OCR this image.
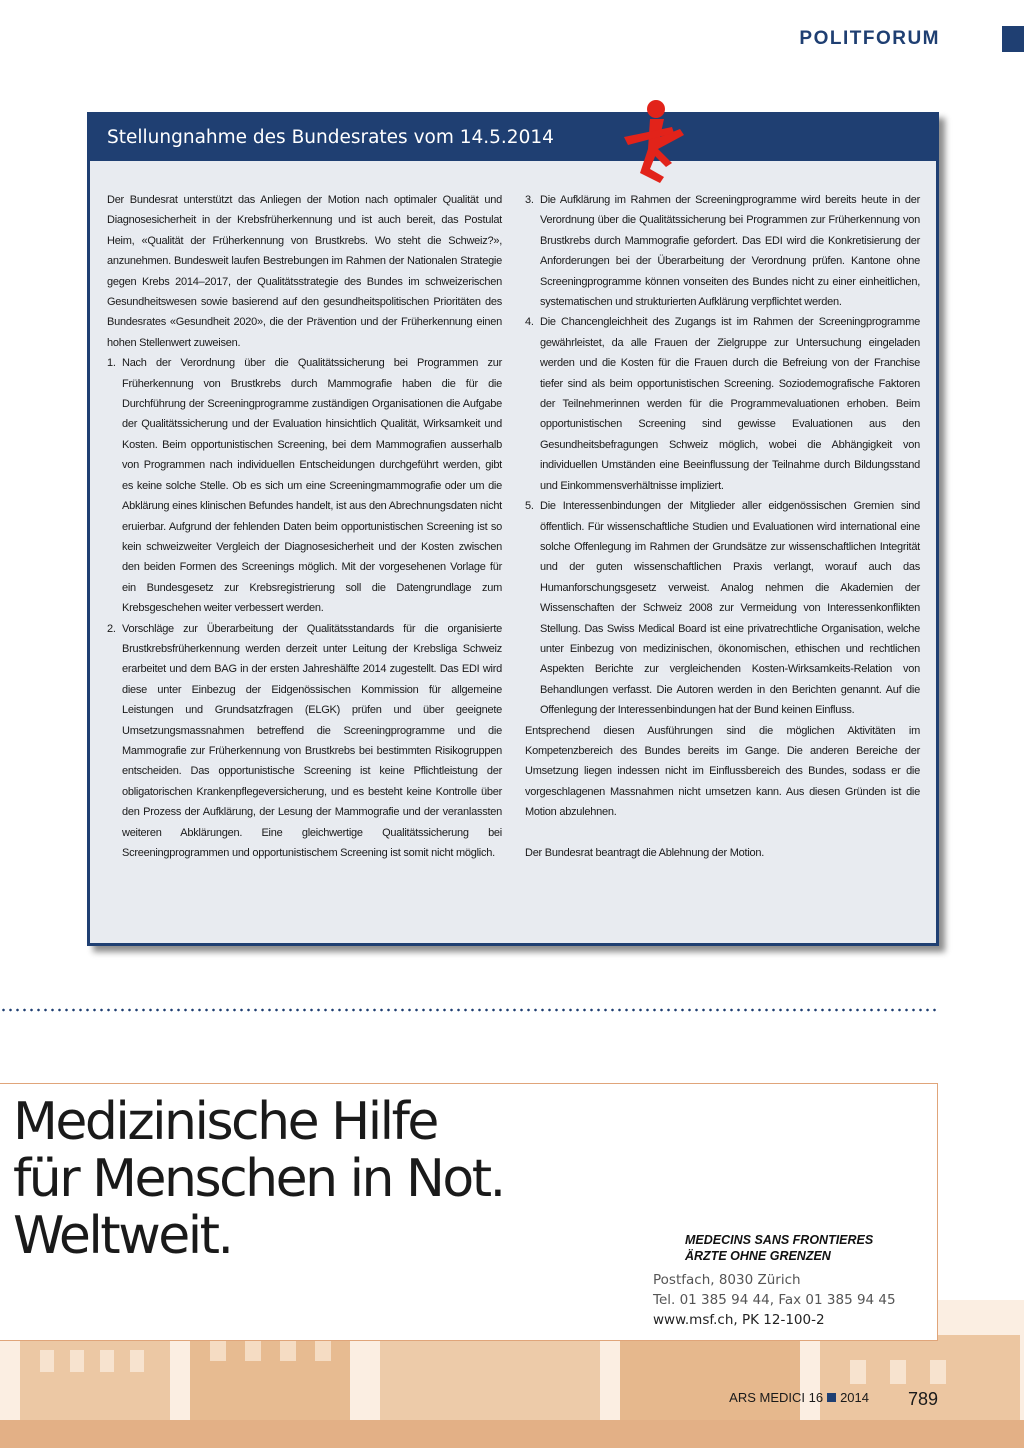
POLITFORUM
Stellungnahme des Bundesrates vom 14.5.2014

Der Bundesrat unterstützt das Anliegen der Motion nach optimaler Qualität und Diagnosesicherheit in der Krebsfrüherkennung und ist auch bereit, das Postulat Heim, «Qualität der Früherkennung von Brustkrebs. Wo steht die Schweiz?», anzunehmen. Bundesweit laufen Bestrebungen im Rahmen der Nationalen Strategie gegen Krebs 2014–2017, der Qualitätsstrategie des Bundes im schweizerischen Gesundheitswesen sowie basierend auf den gesundheitspolitischen Prioritäten des Bundesrates «Gesundheit 2020», die der Prävention und der Früherkennung einen hohen Stellenwert zuweisen.

1. Nach der Verordnung über die Qualitätssicherung bei Programmen zur Früherkennung von Brustkrebs durch Mammografie haben die für die Durchführung der Screeningprogramme zuständigen Organisationen die Aufgabe der Qualitätssicherung und der Evaluation hinsichtlich Qualität, Wirksamkeit und Kosten. Beim opportunistischen Screening, bei dem Mammografien ausserhalb von Programmen nach individuellen Entscheidungen durchgeführt werden, gibt es keine solche Stelle. Ob es sich um eine Screeningmammografie oder um die Abklärung eines klinischen Befundes handelt, ist aus den Abrechnungsdaten nicht eruierbar. Aufgrund der fehlenden Daten beim opportunistischen Screening ist so kein schweizweiter Vergleich der Diagnosesicherheit und der Kosten zwischen den beiden Formen des Screenings möglich. Mit der vorgesehenen Vorlage für ein Bundesgesetz zur Krebsregistrierung soll die Datengrundlage zum Krebsgeschehen weiter verbessert werden.
2. Vorschläge zur Überarbeitung der Qualitätsstandards für die organisierte Brustkrebsfrüherkennung werden derzeit unter Leitung der Krebsliga Schweiz erarbeitet und dem BAG in der ersten Jahreshälfte 2014 zugestellt. Das EDI wird diese unter Einbezug der Eidgenössischen Kommission für allgemeine Leistungen und Grundsatzfragen (ELGK) prüfen und über geeignete Umsetzungsmassnahmen betreffend die Screeningprogramme und die Mammografie zur Früherkennung von Brustkrebs bei bestimmten Risikogruppen entscheiden. Das opportunistische Screening ist keine Pflichtleistung der obligatorischen Krankenpflegeversicherung, und es besteht keine Kontrolle über den Prozess der Aufklärung, der Lesung der Mammografie und der veranlassten weiteren Abklärungen. Eine gleichwertige Qualitätssicherung bei Screeningprogrammen und opportunistischem Screening ist somit nicht möglich.
3. Die Aufklärung im Rahmen der Screeningprogramme wird bereits heute in der Verordnung über die Qualitätssicherung bei Programmen zur Früherkennung von Brustkrebs durch Mammografie gefordert. Das EDI wird die Konkretisierung der Anforderungen bei der Überarbeitung der Verordnung prüfen. Kantone ohne Screeningprogramme können vonseiten des Bundes nicht zu einer einheitlichen, systematischen und strukturierten Aufklärung verpflichtet werden.
4. Die Chancengleichheit des Zugangs ist im Rahmen der Screeningprogramme gewährleistet, da alle Frauen der Zielgruppe zur Untersuchung eingeladen werden und die Kosten für die Frauen durch die Befreiung von der Franchise tiefer sind als beim opportunistischen Screening. Soziodemografische Faktoren der Teilnehmerinnen werden für die Programmevaluationen erhoben. Beim opportunistischen Screening sind gewisse Evaluationen aus den Gesundheitsbefragungen Schweiz möglich, wobei die Abhängigkeit von individuellen Umständen eine Beeinflussung der Teilnahme durch Bildungsstand und Einkommensverhältnisse impliziert.
5. Die Interessenbindungen der Mitglieder aller eidgenössischen Gremien sind öffentlich. Für wissenschaftliche Studien und Evaluationen wird international eine solche Offenlegung im Rahmen der Grundsätze zur wissenschaftlichen Integrität und der guten wissenschaftlichen Praxis verlangt, worauf auch das Humanforschungsgesetz verweist. Analog nehmen die Akademien der Wissenschaften der Schweiz 2008 zur Vermeidung von Interessenkonflikten Stellung. Das Swiss Medical Board ist eine privatrechtliche Organisation, welche unter Einbezug von medizinischen, ökonomischen, ethischen und rechtlichen Aspekten Berichte zur vergleichenden Kosten-Wirksamkeits-Relation von Behandlungen verfasst. Die Autoren werden in den Berichten genannt. Auf die Offenlegung der Interessenbindungen hat der Bund keinen Einfluss.

Entsprechend diesen Ausführungen sind die möglichen Aktivitäten im Kompetenzbereich des Bundes bereits im Gange. Die anderen Bereiche der Umsetzung liegen indessen nicht im Einflussbereich des Bundes, sodass er die vorgeschlagenen Massnahmen nicht umsetzen kann. Aus diesen Gründen ist die Motion abzulehnen.

Der Bundesrat beantragt die Ablehnung der Motion.

Medizinische Hilfe
für Menschen in Not.
Weltweit.	MEDECINS SANS FRONTIERES
ÄRZTE OHNE GRENZEN
Postfach, 8030 Zürich
Tel. 01 385 94 44, Fax 01 385 94 45
www.msf.ch, PK 12-100-2
ARS MEDICI 16 2014 789
